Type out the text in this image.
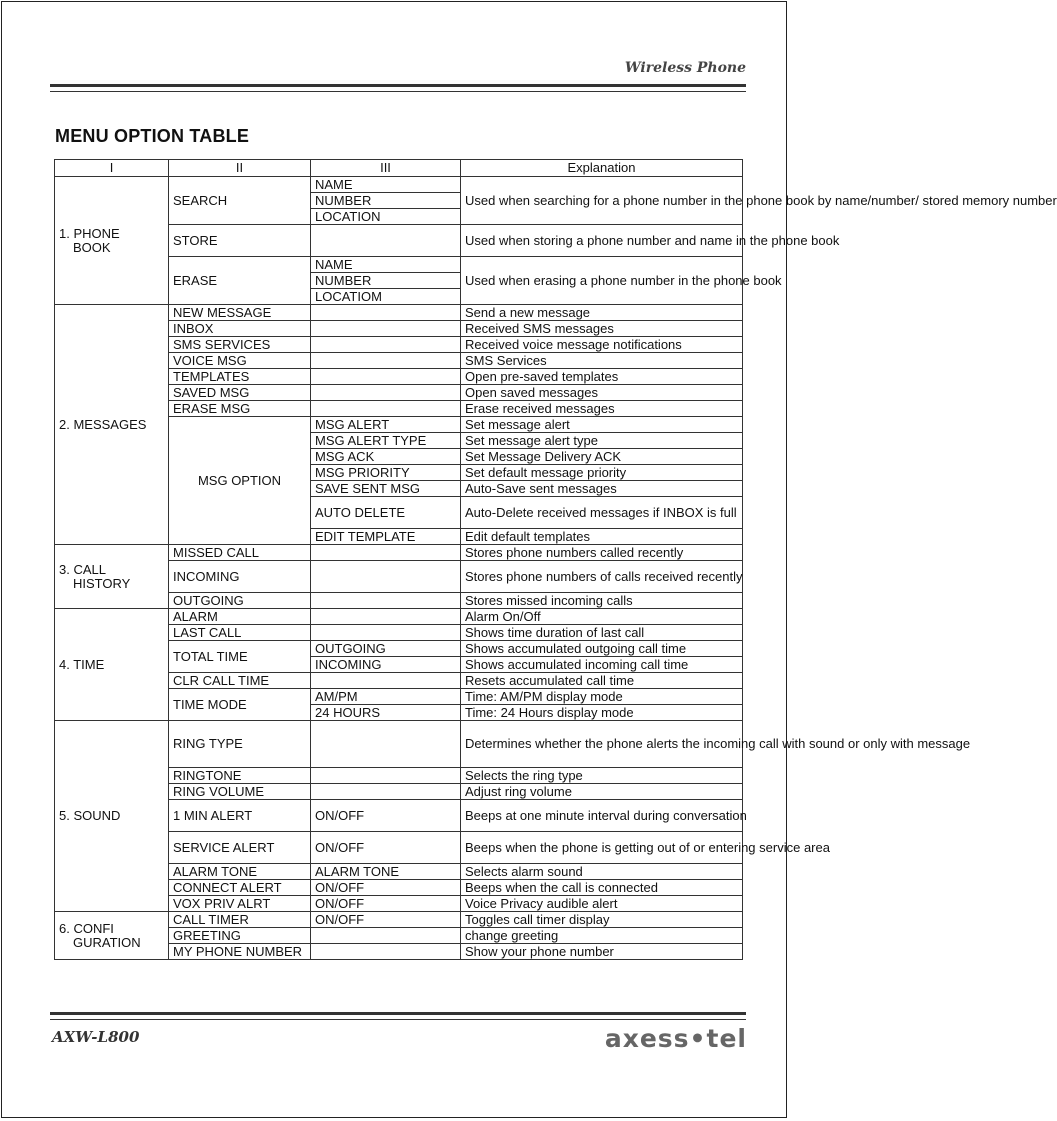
Wireless Phone
MENU OPTION TABLE
I	II	III	Explanation

1. PHONE
BOOK	SEARCH	NAME	Used when searching for a phone number in the phone book by name/number/ stored memory number
		NUMBER	
		LOCATION	
	STORE		Used when storing a phone number and name in the phone book
	ERASE	NAME	Used when erasing a phone number in the phone book
		NUMBER	
		LOCATIOM	
2. MESSAGES	NEW MESSAGE		Send a new message
	INBOX		Received SMS messages
	SMS SERVICES		Received voice message notifications
	VOICE MSG		SMS Services
	TEMPLATES		Open pre-saved templates
	SAVED MSG		Open saved messages
	ERASE MSG		Erase received messages
	MSG OPTION	MSG ALERT	Set message alert
		MSG ALERT TYPE	Set message alert type
		MSG ACK	Set Message Delivery ACK
		MSG PRIORITY	Set default message priority
		SAVE SENT MSG	Auto-Save sent messages
		AUTO DELETE	Auto-Delete received messages if INBOX is full
		EDIT TEMPLATE	Edit default templates

3. CALL
HISTORY	MISSED CALL		Stores phone numbers called recently
	INCOMING		Stores phone numbers of calls received recently
	OUTGOING		Stores missed incoming calls
4. TIME	ALARM		Alarm On/Off
	LAST CALL		Shows time duration of last call
	TOTAL TIME	OUTGOING	Shows accumulated outgoing call time
		INCOMING	Shows accumulated incoming call time
	CLR CALL TIME		Resets accumulated call time
	TIME MODE	AM/PM	Time: AM/PM display mode
		24 HOURS	Time: 24 Hours display mode
5. SOUND	RING TYPE		Determines whether the phone alerts the incoming call with sound or only with message
	RINGTONE		Selects the ring type
	RING VOLUME		Adjust ring volume
	1 MIN ALERT	ON/OFF	Beeps at one minute interval during conversation
	SERVICE ALERT	ON/OFF	Beeps when the phone is getting out of or entering service area
	ALARM TONE	ALARM TONE	Selects alarm sound
	CONNECT ALERT	ON/OFF	Beeps when the call is connected
	VOX PRIV ALRT	ON/OFF	Voice Privacy audible alert

6. CONFI
GURATION	CALL TIMER	ON/OFF	Toggles call timer display
	GREETING		change greeting
	MY PHONE NUMBER		Show your phone number
AXW-L800	axess•tel
